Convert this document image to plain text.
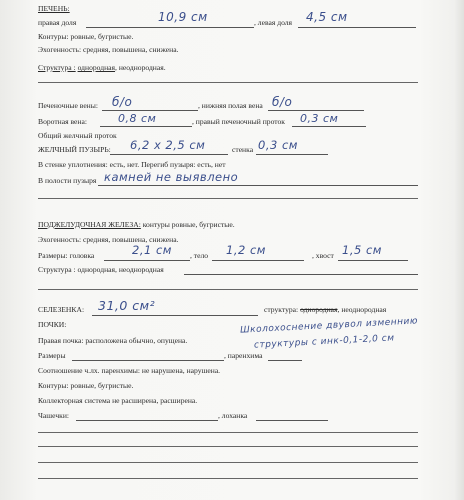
ПЕЧЕНЬ:
правая доля	10,9 см	, левая доля 4,5 см
Контуры: ровные, бугристые.
Эхогенность: средняя, повышена, снижена.
Структура : однородная, неоднородная.
Печеночные вены: б/о	, нижняя полая вена б/о
Воротная вена:	0,8 см	, правый печеночный проток 0,3 см
Общий желчный проток
ЖЕЛЧНЫЙ ПУЗЫРЬ: 6,2 х 2,5 см	стенка 0,3 см
В стенке уплотнения: есть, нет. Перегиб пузыря: есть, нет
В полости пузыря камней не выявлено
ПОДЖЕЛУДОЧНАЯ ЖЕЛЕЗА: контуры ровные, бугристые.
Эхогенность: средняя, повышена, снижена.
Размеры: головка	2,1 см , тело 1,2 см	, хвост 1,5 см
Структура : однородная, неоднородная
СЕЛЕЗЕНКА: 31,0 см²	структура: однородная, неоднородная
ПОЧКИ:
Правая почка: расположена обычно, опущена.
Школохоснение двувол изменнию
структуры с инк-0,1-2,0 см
Размеры	, паренхима
Соотношение ч.лх. паренхимы: не нарушена, нарушена.
Контуры: ровные, бугристые.
Коллекторная система не расширена, расширена.
Чашечки:	, лоханка
